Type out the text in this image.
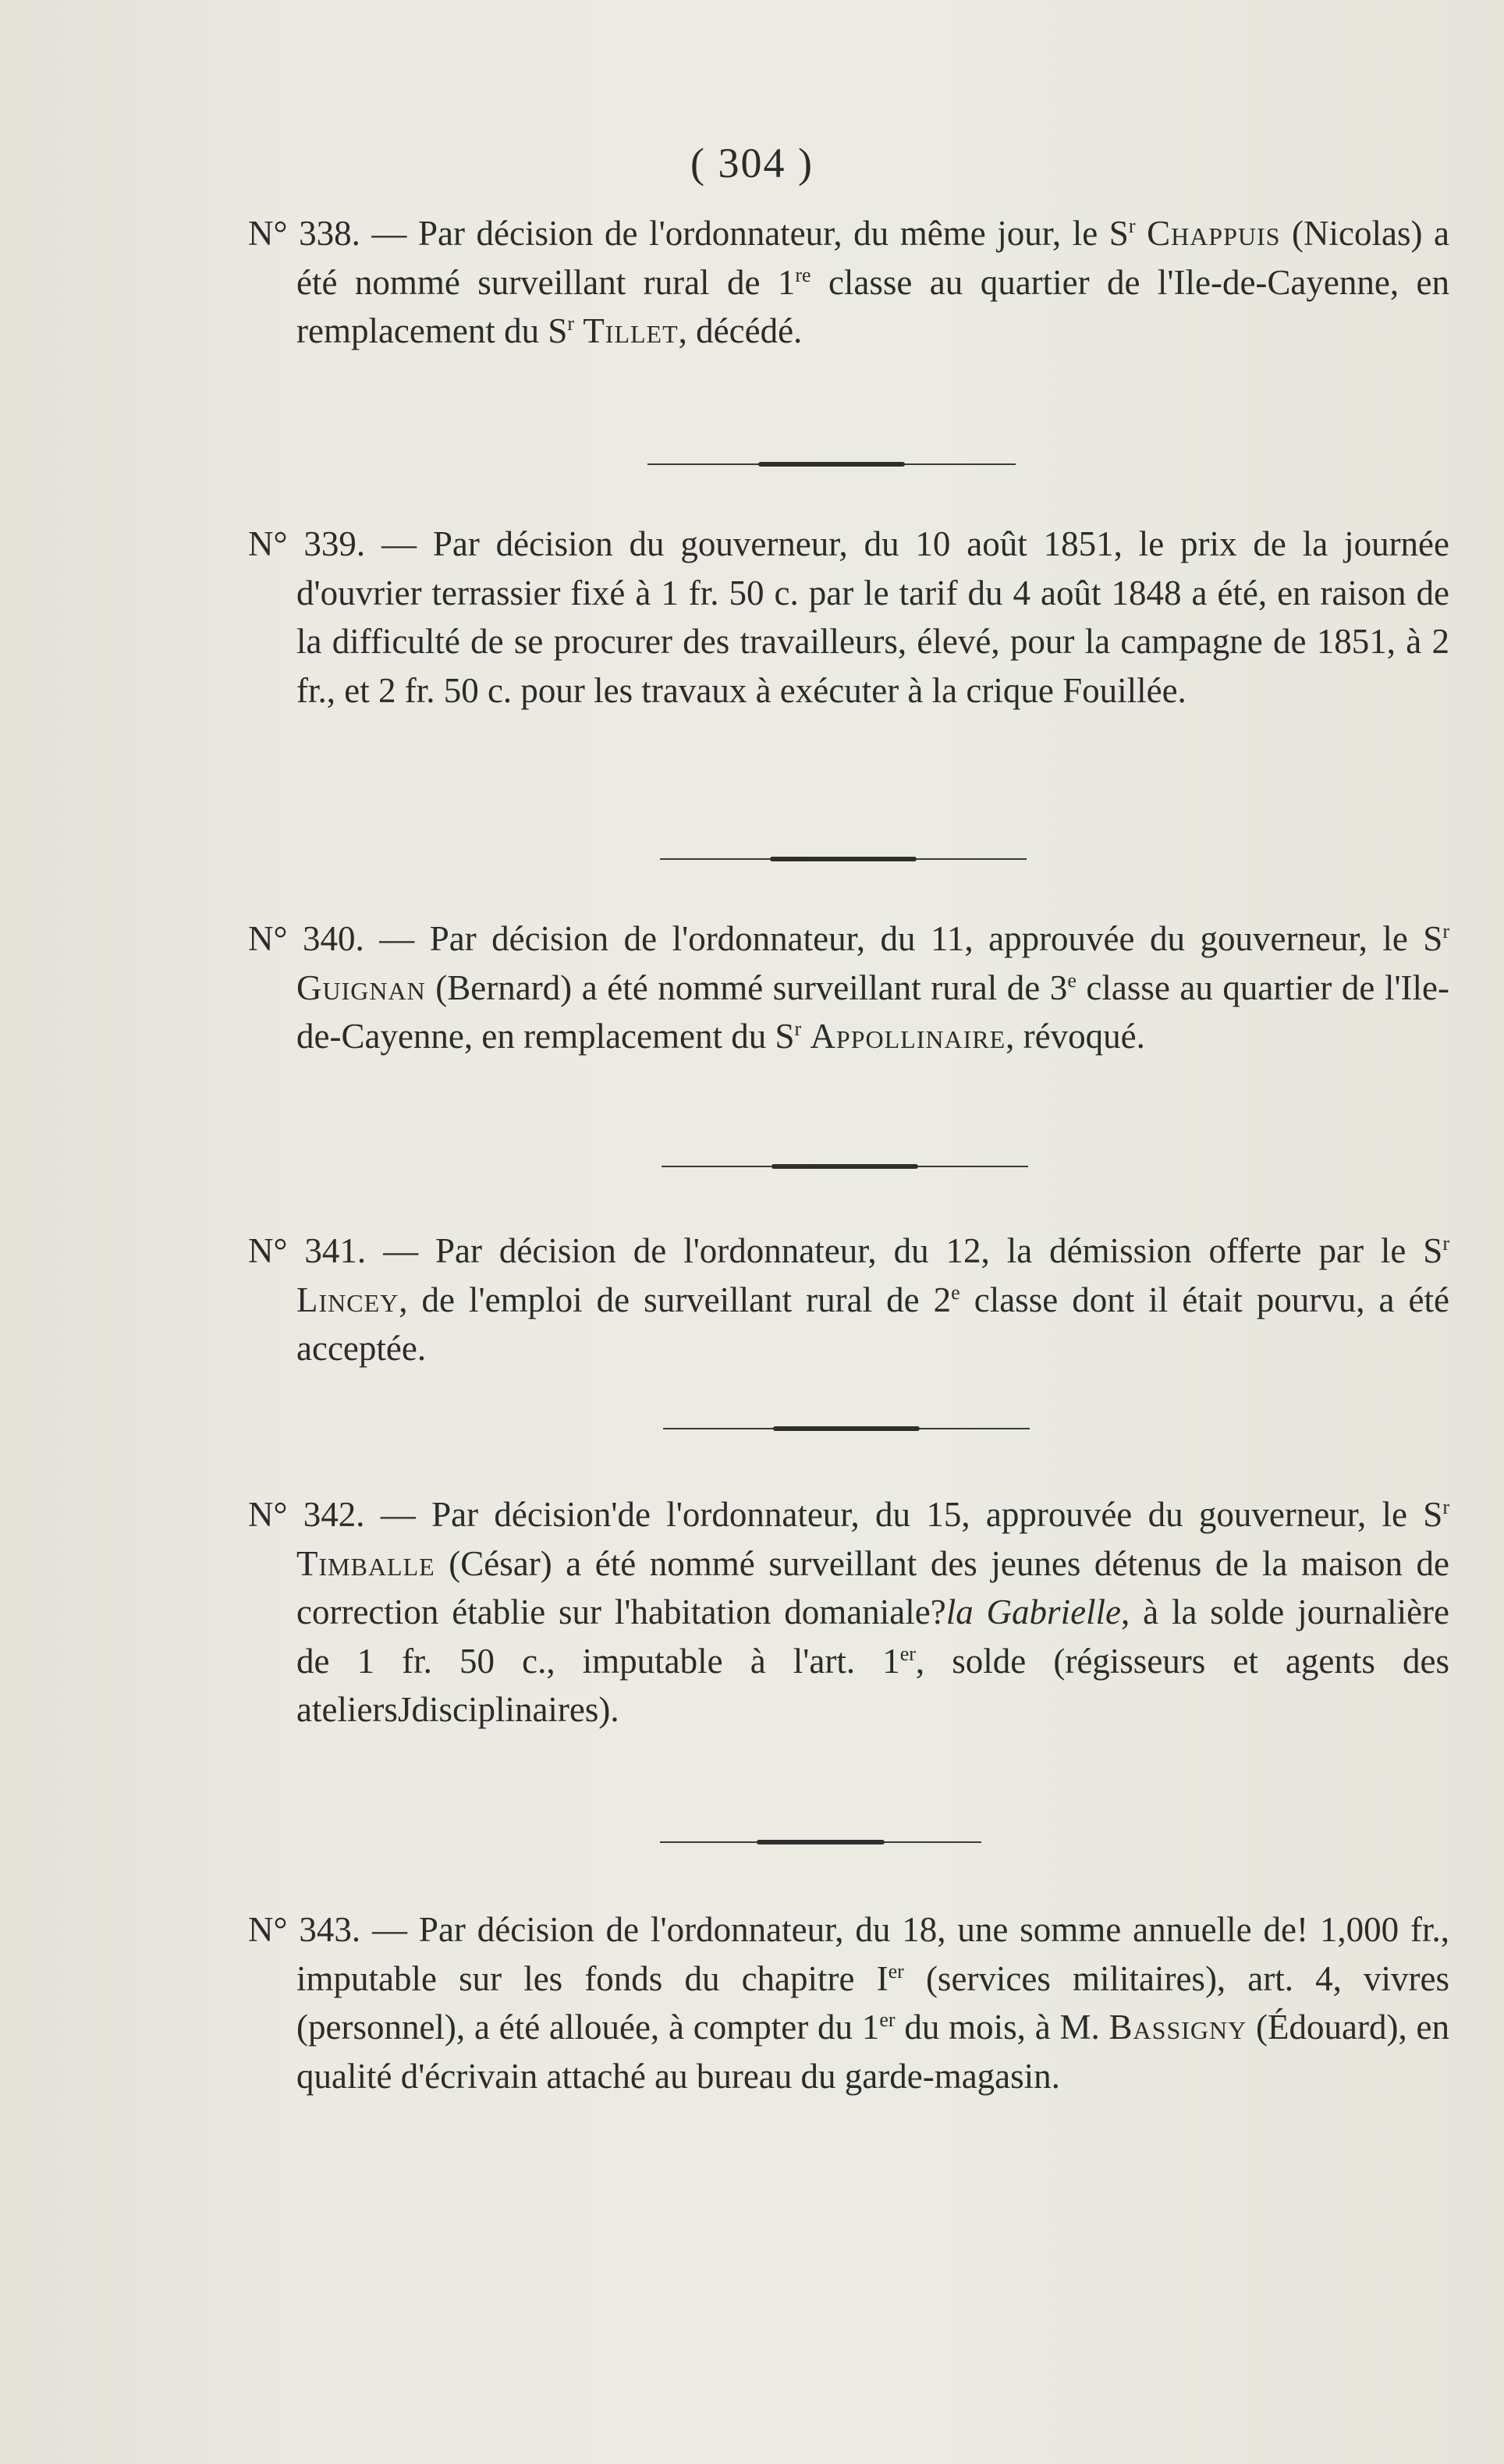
( 304 )

N° 338. — Par décision de l'ordonnateur, du même jour, le $S^r$ Chappuis (Nicolas) a été nommé surveillant rural de 1re classe au quartier de l'Ile-de-Cayenne, en remplacement du $S^r$ Tillet, décédé.

N° 339. — Par décision du gouverneur, du 10 août 1851, le prix de la journée d'ouvrier terrassier fixé à 1 fr. 50 c. par le tarif du 4 août 1848 a été, en raison de la difficulté de se procurer des travailleurs, élevé, pour la campagne de 1851, à 2 fr., et 2 fr. 50 c. pour les travaux à exécuter à la crique Fouillée.

N° 340. — Par décision de l'ordonnateur, du 11, approuvée du gouverneur, le $S^r$ Guignan (Bernard) a été nommé surveillant rural de 3e classe au quartier de l'Ile-de-Cayenne, en remplacement du $S^r$ Appollinaire, révoqué.

N° 341. — Par décision de l'ordonnateur, du 12, la démission offerte par le $S^r$ Lincey, de l'emploi de surveillant rural de 2e classe dont il était pourvu, a été acceptée.

N° 342. — Par décision'de l'ordonnateur, du 15, approuvée du gouverneur, le $S^r$ Timballe (César) a été nommé surveillant des jeunes détenus de la maison de correction établie sur l'habitation domaniale?la Gabrielle, à la solde journalière de 1 fr. 50 c., imputable à l'art. 1er, solde (régisseurs et agents des ateliersJdisciplinaires).

N° 343. — Par décision de l'ordonnateur, du 18, une somme annuelle de! 1,000 fr., imputable sur les fonds du chapitre Ier (services militaires), art. 4, vivres (personnel), a été allouée, à compter du 1er du mois, à M. Bassigny (Édouard), en qualité d'écrivain attaché au bureau du garde-magasin.
